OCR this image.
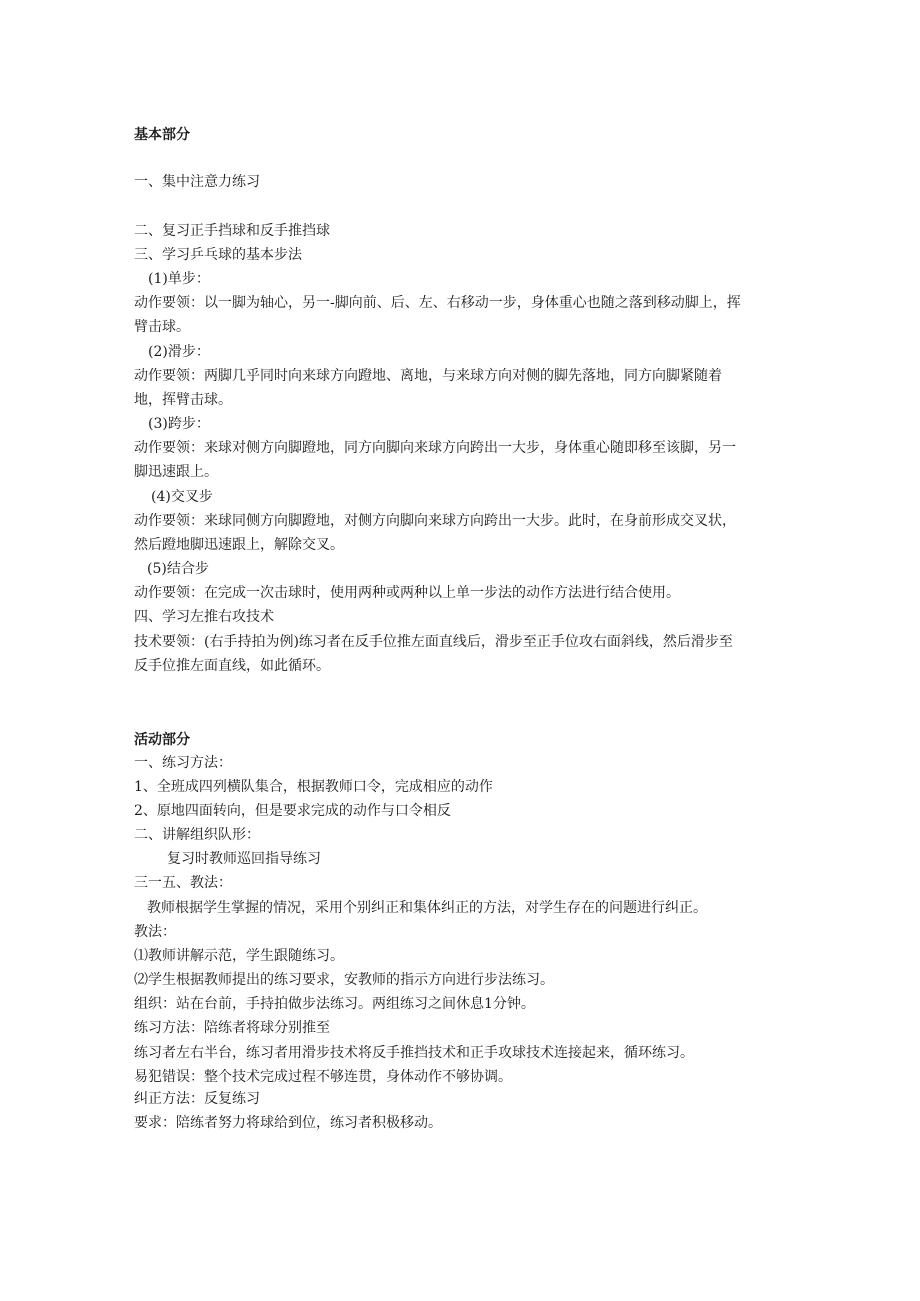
基本部分
一、集中注意力练习
二、复习正手挡球和反手推挡球
三、学习乒乓球的基本步法
(1)单步：
动作要领：以一脚为轴心，另一-脚向前、后、左、右移动一步，身体重心也随之落到移动脚上，挥
臂击球。
(2)滑步：
动作要领：两脚几乎同时向来球方向蹬地、离地，与来球方向对侧的脚先落地，同方向脚紧随着
地，挥臂击球。
(3)跨步：
动作要领：来球对侧方向脚蹬地，同方向脚向来球方向跨出一大步，身体重心随即移至该脚，另一
脚迅速跟上。
(4)交叉步
动作要领：来球同侧方向脚蹬地，对侧方向脚向来球方向跨出一大步。此时，在身前形成交叉状，
然后蹬地脚迅速跟上，解除交叉。
(5)结合步
动作要领：在完成一次击球时，使用两种或两种以上单一步法的动作方法进行结合使用。
四、学习左推右攻技术
技术要领：(右手持拍为例)练习者在反手位推左面直线后，滑步至正手位攻右面斜线，然后滑步至
反手位推左面直线，如此循环。
活动部分
一、练习方法：
1、全班成四列横队集合，根据教师口令，完成相应的动作
2、原地四面转向，但是要求完成的动作与口令相反
二、讲解组织队形：
复习时教师巡回指导练习
三一五、教法：
教师根据学生掌握的情况，采用个别纠正和集体纠正的方法，对学生存在的问题进行纠正。
教法：
⑴教师讲解示范，学生跟随练习。
⑵学生根据教师提出的练习要求，安教师的指示方向进行步法练习。
组织：站在台前，手持拍做步法练习。两组练习之间休息1分钟。
练习方法：陪练者将球分别推至
练习者左右半台，练习者用滑步技术将反手推挡技术和正手攻球技术连接起来，循环练习。
易犯错误：整个技术完成过程不够连贯，身体动作不够协调。
纠正方法：反复练习
要求：陪练者努力将球给到位，练习者积极移动。
